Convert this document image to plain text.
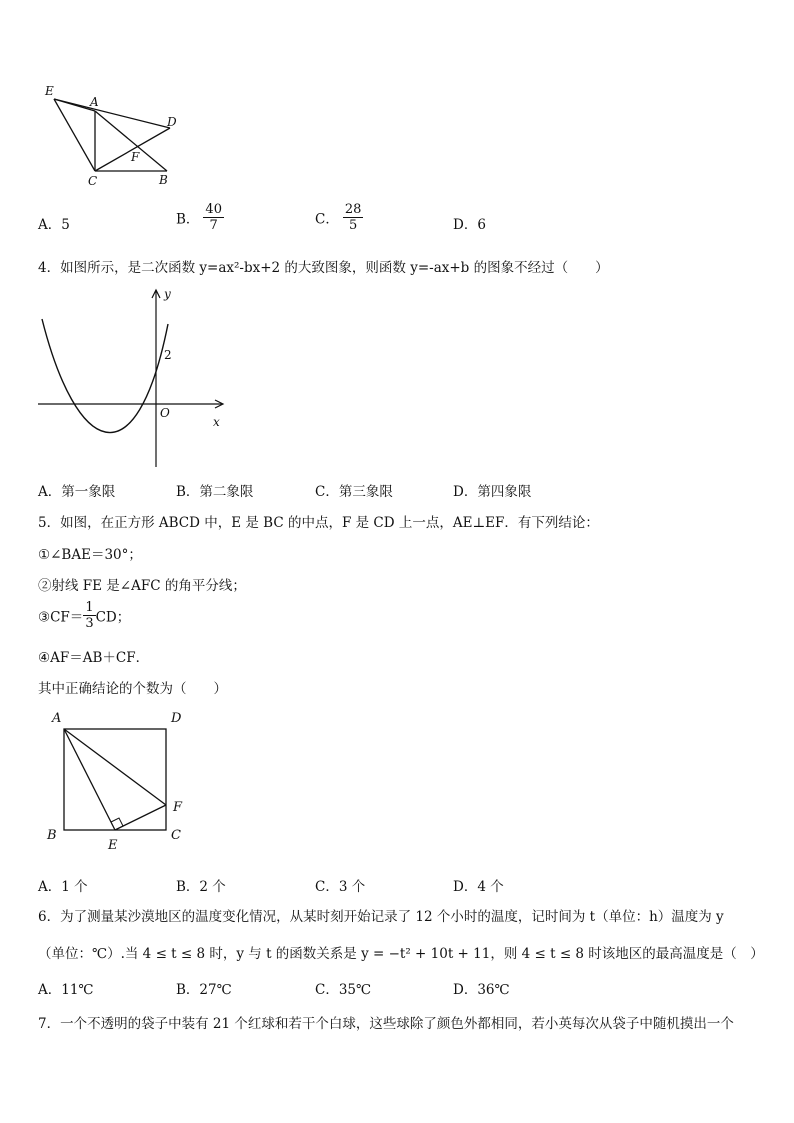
E
A
D
F
C	B
A．5	B． $\frac{40}{7}$	C． $\frac{28}{5}$	D．6
4．如图所示，是二次函数 y=ax²-bx+2 的大致图象，则函数 y=-ax+b 的图象不经过（　　）
y
x
O
2
A．第一象限	B．第二象限	C．第三象限	D．第四象限
5．如图，在正方形 ABCD 中，E 是 BC 的中点，F 是 CD 上一点，AE⊥EF．有下列结论：
①∠BAE＝30°；
②射线 FE 是∠AFC 的角平分线；
③CF＝ $\frac{1}{3}$ CD；
④AF＝AB＋CF．
其中正确结论的个数为（　　）
A	D
F
B
E
C
A．1 个	B．2 个	C．3 个	D．4 个
6．为了测量某沙漠地区的温度变化情况，从某时刻开始记录了 12 个小时的温度，记时间为 t（单位：h）温度为 y
（单位：℃）.当 4 ≤ t ≤ 8 时，y 与 t 的函数关系是 y = −t² + 10t + 11，则 4 ≤ t ≤ 8 时该地区的最高温度是（　）
A．11℃	B．27℃	C．35℃	D．36℃
7．一个不透明的袋子中装有 21 个红球和若干个白球，这些球除了颜色外都相同，若小英每次从袋子中随机摸出一个
